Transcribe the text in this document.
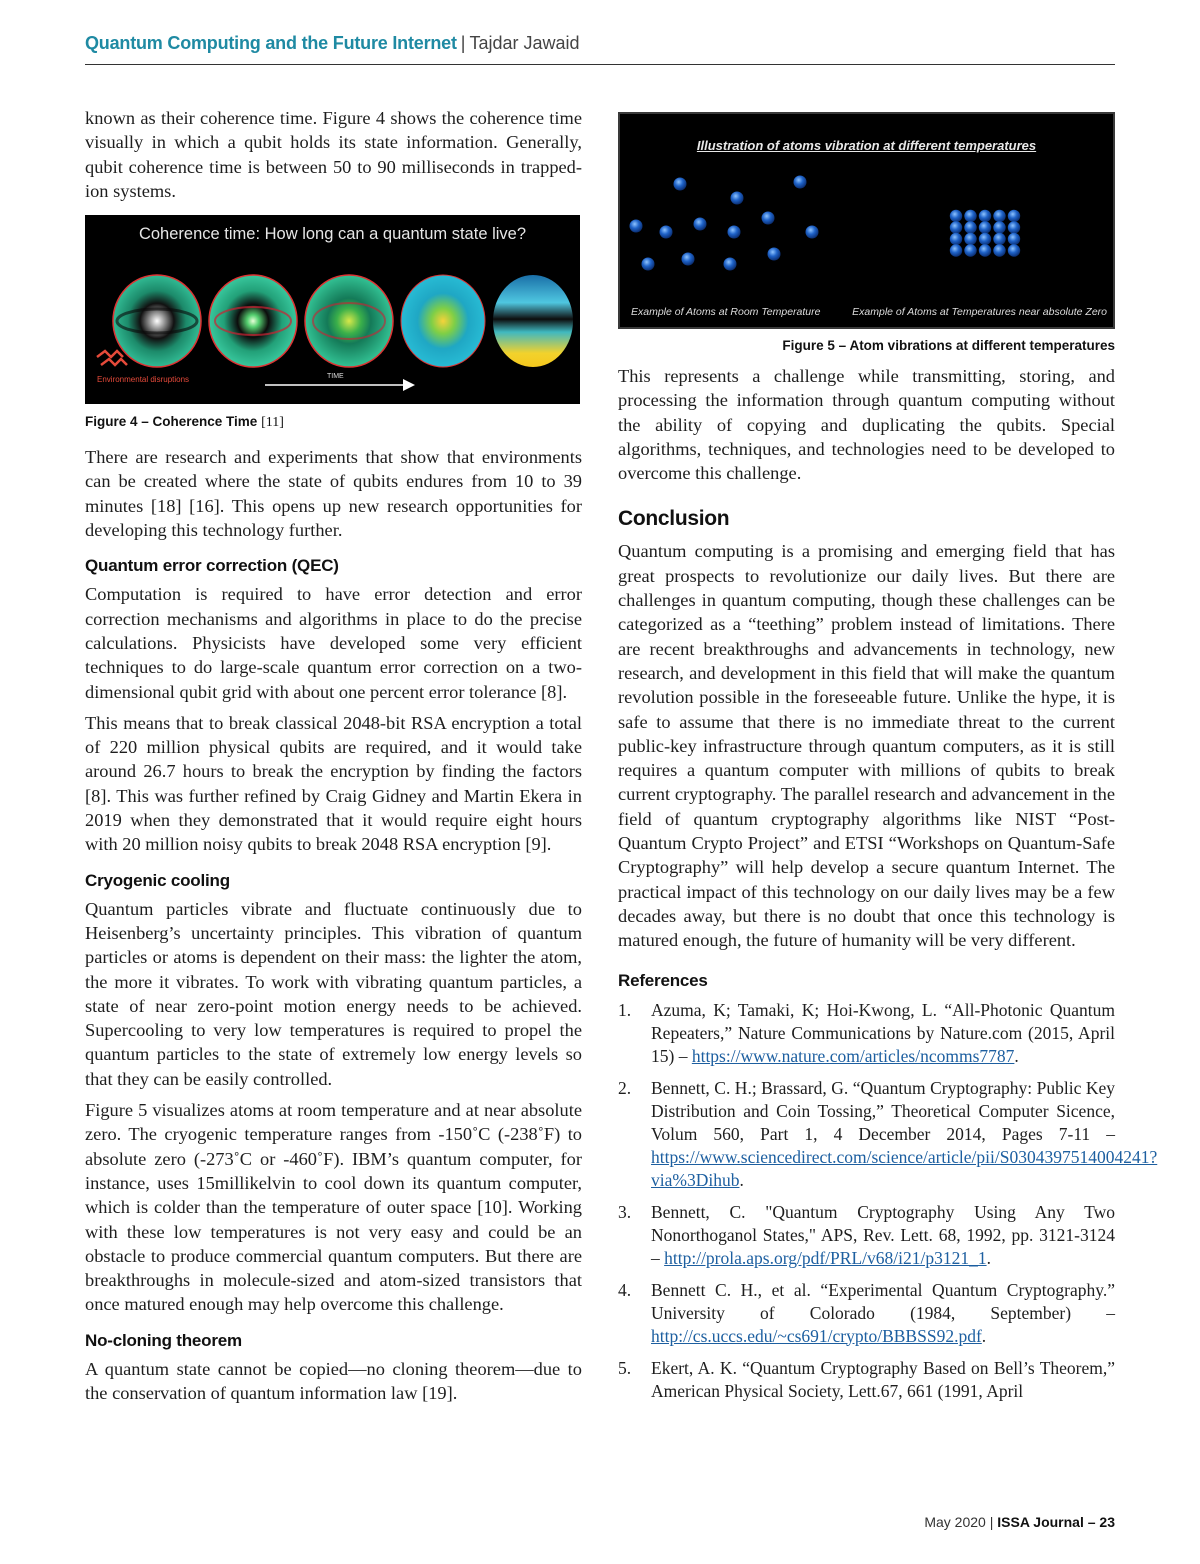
Quantum Computing and the Future Internet | Tajdar Jawaid

known as their coherence time. Figure 4 shows the coherence time visually in which a qubit holds its state information. Generally, qubit coherence time is between 50 to 90 milliseconds in trapped-ion systems.

Coherence time: How long can a quantum state live?
Environmental disruptions	TIME
Figure 4 – Coherence Time [11]

There are research and experiments that show that environments can be created where the state of qubits endures from 10 to 39 minutes [18] [16]. This opens up new research opportunities for developing this technology further.

Quantum error correction (QEC)

Computation is required to have error detection and error correction mechanisms and algorithms in place to do the precise calculations. Physicists have developed some very efficient techniques to do large-scale quantum error correction on a two-dimensional qubit grid with about one percent error tolerance [8].

This means that to break classical 2048-bit RSA encryption a total of 220 million physical qubits are required, and it would take around 26.7 hours to break the encryption by finding the factors [8]. This was further refined by Craig Gidney and Martin Ekera in 2019 when they demonstrated that it would require eight hours with 20 million noisy qubits to break 2048 RSA encryption [9].

Cryogenic cooling

Quantum particles vibrate and fluctuate continuously due to Heisenberg’s uncertainty principles. This vibration of quantum particles or atoms is dependent on their mass: the lighter the atom, the more it vibrates. To work with vibrating quantum particles, a state of near zero-point motion energy needs to be achieved. Supercooling to very low temperatures is required to propel the quantum particles to the state of extremely low energy levels so that they can be easily controlled.

Figure 5 visualizes atoms at room temperature and at near absolute zero. The cryogenic temperature ranges from -150˚C (-238˚F) to absolute zero (-273˚C or -460˚F). IBM’s quantum computer, for instance, uses 15millikelvin to cool down its quantum computer, which is colder than the temperature of outer space [10]. Working with these low temperatures is not very easy and could be an obstacle to produce commercial quantum computers. But there are breakthroughs in molecule-sized and atom-sized transistors that once matured enough may help overcome this challenge.

No-cloning theorem

A quantum state cannot be copied—no cloning theorem—due to the conservation of quantum information law [19].

Illustration of atoms vibration at different temperatures
Example of Atoms at Room Temperature	Example of Atoms at Temperatures near absolute Zero
Figure 5 – Atom vibrations at different temperatures

This represents a challenge while transmitting, storing, and processing the information through quantum computing without the ability of copying and duplicating the qubits. Special algorithms, techniques, and technologies need to be developed to overcome this challenge.

Conclusion

Quantum computing is a promising and emerging field that has great prospects to revolutionize our daily lives. But there are challenges in quantum computing, though these challenges can be categorized as a “teething” problem instead of limitations. There are recent breakthroughs and advancements in technology, new research, and development in this field that will make the quantum revolution possible in the foreseeable future. Unlike the hype, it is safe to assume that there is no immediate threat to the current public-key infrastructure through quantum computers, as it is still requires a quantum computer with millions of qubits to break current cryptography. The parallel research and advancement in the field of quantum cryptography algorithms like NIST “Post-Quantum Crypto Project” and ETSI “Workshops on Quantum-Safe Cryptography” will help develop a secure quantum Internet. The practical impact of this technology on our daily lives may be a few decades away, but there is no doubt that once this technology is matured enough, the future of humanity will be very different.

References
1. Azuma, K; Tamaki, K; Hoi-Kwong, L. “All-Photonic Quantum Repeaters,” Nature Communications by Nature.com (2015, April 15) – https://www.nature.com/articles/ncomms7787.
2. Bennett, C. H.; Brassard, G. “Quantum Cryptography: Public Key Distribution and Coin Tossing,” Theoretical Computer Sicence, Volum 560, Part 1, 4 December 2014, Pages 7-11 – https://www.sciencedirect.com/science/article/pii/S0304397514004241?via%3Dihub.
3. Bennett, C. "Quantum Cryptography Using Any Two Nonorthoganol States," APS, Rev. Lett. 68, 1992, pp. 3121-3124 – http://prola.aps.org/pdf/PRL/v68/i21/p3121_1.
4. Bennett C. H., et al. “Experimental Quantum Cryptography.” University of Colorado (1984, September) – http://cs.uccs.edu/~cs691/crypto/BBBSS92.pdf.
5. Ekert, A. K. “Quantum Cryptography Based on Bell’s Theorem,” American Physical Society, Lett.67, 661 (1991, April
May 2020 | ISSA Journal – 23
